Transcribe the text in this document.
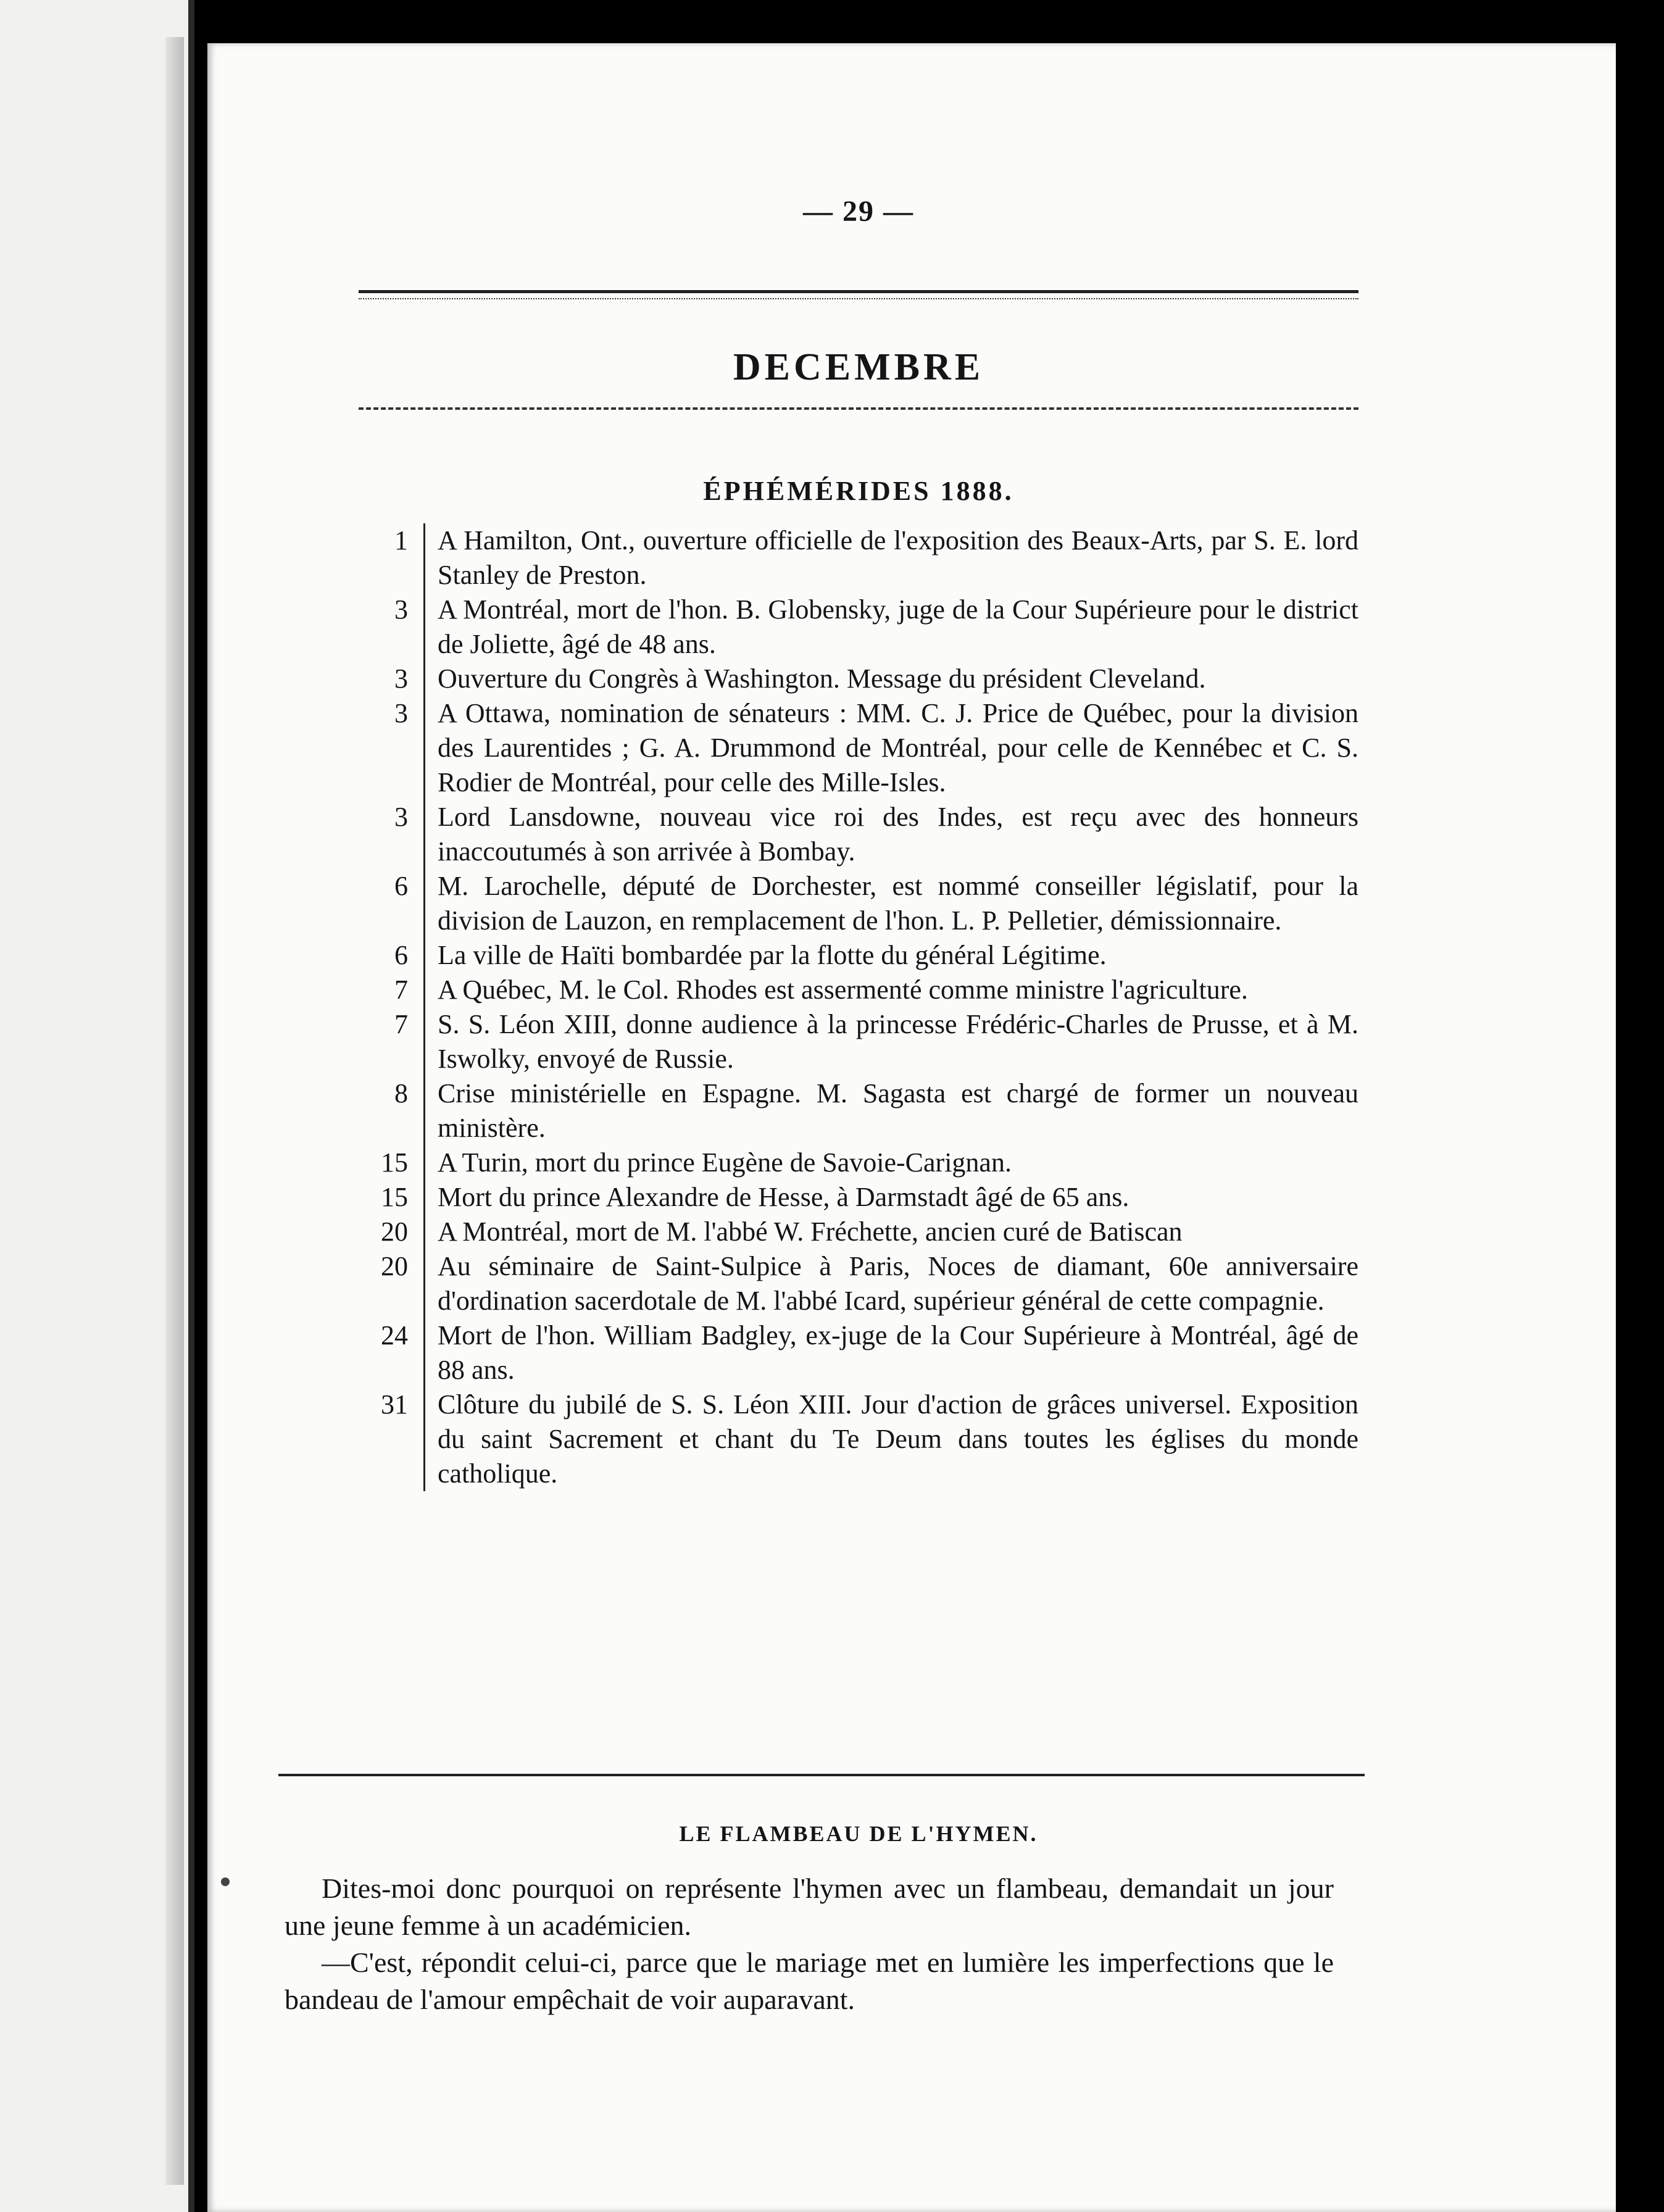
— 29 —
DECEMBRE
ÉPHÉMÉRIDES 1888.
1	A Hamilton, Ont., ouverture officielle de l'exposition des Beaux-Arts, par S. E. lord Stanley de Preston.
3	A Montréal, mort de l'hon. B. Globensky, juge de la Cour Supérieure pour le district de Joliette, âgé de 48 ans.
3	Ouverture du Congrès à Washington. Message du président Cleveland.
3	A Ottawa, nomination de sénateurs : MM. C. J. Price de Québec, pour la division des Laurentides ; G. A. Drummond de Montréal, pour celle de Kennébec et C. S. Rodier de Montréal, pour celle des Mille-Isles.
3	Lord Lansdowne, nouveau vice roi des Indes, est reçu avec des honneurs inaccoutumés à son arrivée à Bombay.
6	M. Larochelle, député de Dorchester, est nommé conseiller législatif, pour la division de Lauzon, en remplacement de l'hon. L. P. Pelletier, démissionnaire.
6	La ville de Haïti bombardée par la flotte du général Légitime.
7	A Québec, M. le Col. Rhodes est assermenté comme ministre l'agriculture.
7	S. S. Léon XIII, donne audience à la princesse Frédéric-Charles de Prusse, et à M. Iswolky, envoyé de Russie.
8	Crise ministérielle en Espagne. M. Sagasta est chargé de former un nouveau ministère.
15	A Turin, mort du prince Eugène de Savoie-Carignan.
15	Mort du prince Alexandre de Hesse, à Darmstadt âgé de 65 ans.
20	A Montréal, mort de M. l'abbé W. Fréchette, ancien curé de Batiscan
20	Au séminaire de Saint-Sulpice à Paris, Noces de diamant, 60e anniversaire d'ordination sacerdotale de M. l'abbé Icard, supérieur général de cette compagnie.
24	Mort de l'hon. William Badgley, ex-juge de la Cour Supérieure à Montréal, âgé de 88 ans.
31	Clôture du jubilé de S. S. Léon XIII. Jour d'action de grâces universel. Exposition du saint Sacrement et chant du Te Deum dans toutes les églises du monde catholique.
LE FLAMBEAU DE L'HYMEN.

Dites-moi donc pourquoi on représente l'hymen avec un flambeau, demandait un jour une jeune femme à un académicien.

—C'est, répondit celui-ci, parce que le mariage met en lumière les imperfections que le bandeau de l'amour empêchait de voir auparavant.
